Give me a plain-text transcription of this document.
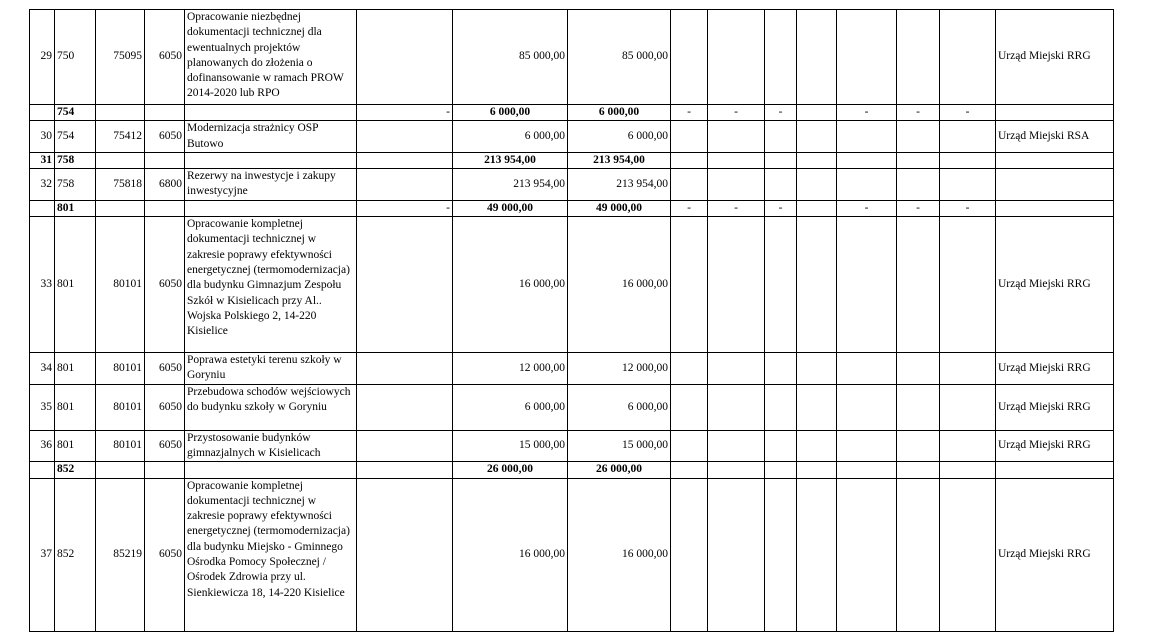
29	750	75095	6050	Opracowanie niezbędnej dokumentacji technicznej dla ewentualnych projektów planowanych do złożenia o dofinansowanie w ramach PROW 2014-2020 lub RPO		85 000,00	85 000,00								Urząd Miejski RRG
	754				-	6 000,00	6 000,00	-	-	-		-	-	-	
30	754	75412	6050	Modernizacja strażnicy OSP Butowo		6 000,00	6 000,00								Urząd Miejski RSA
31	758					213 954,00	213 954,00								
32	758	75818	6800	Rezerwy na inwestycje i zakupy inwestycyjne		213 954,00	213 954,00								
	801				-	49 000,00	49 000,00	-	-	-		-	-	-	
33	801	80101	6050	Opracowanie kompletnej dokumentacji technicznej w zakresie poprawy efektywności energetycznej (termomodernizacja) dla budynku Gimnazjum Zespołu Szkół w Kisielicach przy Al.. Wojska Polskiego 2, 14-220 Kisielice		16 000,00	16 000,00								Urząd Miejski RRG
34	801	80101	6050	Poprawa estetyki terenu szkoły w Goryniu		12 000,00	12 000,00								Urząd Miejski RRG
35	801	80101	6050	Przebudowa schodów wejściowych do budynku szkoły w Goryniu		6 000,00	6 000,00								Urząd Miejski RRG
36	801	80101	6050	Przystosowanie budynków gimnazjalnych w Kisielicach		15 000,00	15 000,00								Urząd Miejski RRG
	852					26 000,00	26 000,00								
37	852	85219	6050	Opracowanie kompletnej dokumentacji technicznej w zakresie poprawy efektywności energetycznej (termomodernizacja) dla budynku Miejsko - Gminnego Ośrodka Pomocy Społecznej / Ośrodek Zdrowia przy ul. Sienkiewicza 18, 14-220 Kisielice		16 000,00	16 000,00								Urząd Miejski RRG
